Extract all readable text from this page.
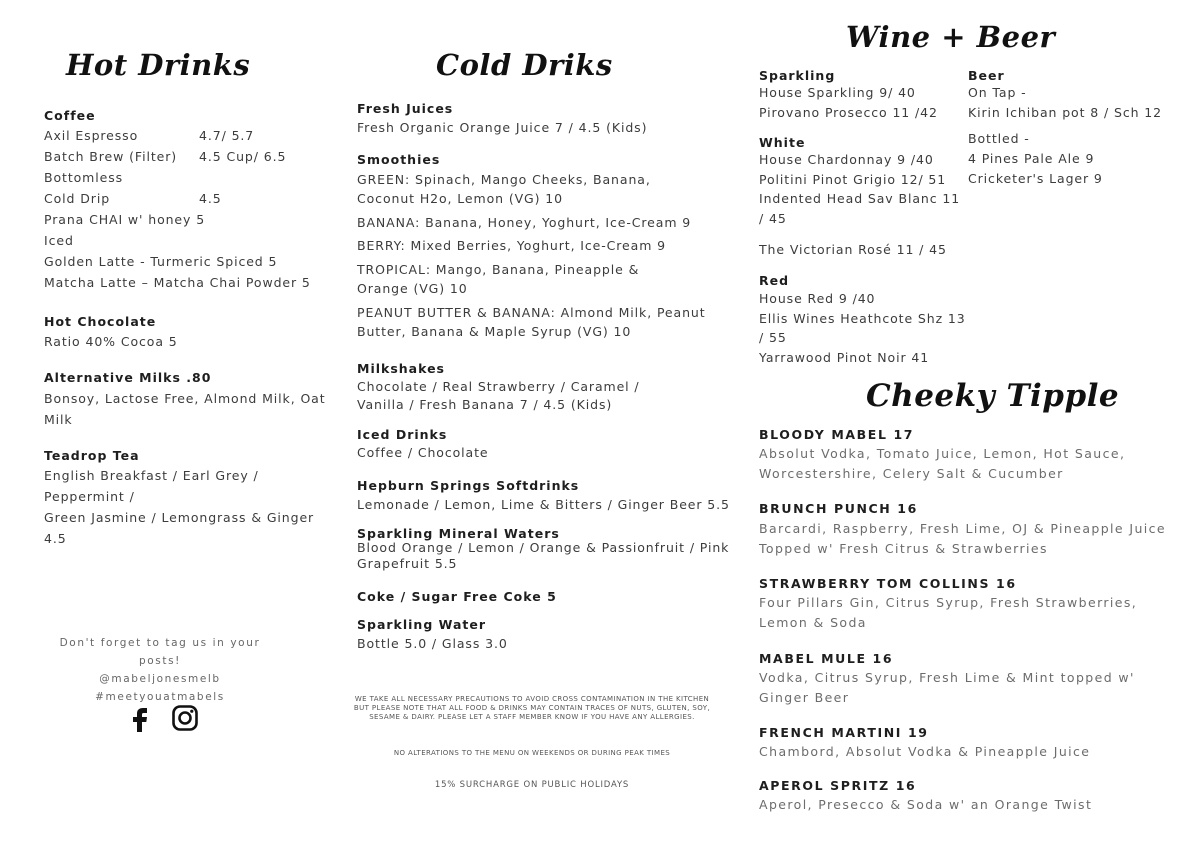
Hot Drinks
Coffee
Axil Espresso	4.7/ 5.7
Batch Brew (Filter) 4.5 Cup/ 6.5
Bottomless
Cold Drip	4.5
Prana CHAI w' honey 5
Iced
Golden Latte - Turmeric Spiced 5
Matcha Latte – Matcha Chai Powder 5
Hot Chocolate
Ratio 40% Cocoa 5
Alternative Milks .80
Bonsoy, Lactose Free, Almond Milk, Oat Milk
Teadrop Tea
English Breakfast / Earl Grey /
Peppermint /
Green Jasmine / Lemongrass & Ginger
4.5
Don't forget to tag us in your posts!
@mabeljonesmelb
#meetyouatmabels
Cold Driks
Fresh Juices
Fresh Organic Orange Juice 7 / 4.5 (Kids)
Smoothies
GREEN: Spinach, Mango Cheeks, Banana, Coconut H2o, Lemon (VG) 10
BANANA: Banana, Honey, Yoghurt, Ice-Cream 9
BERRY: Mixed Berries, Yoghurt, Ice-Cream 9
TROPICAL: Mango, Banana, Pineapple & Orange (VG) 10
PEANUT BUTTER & BANANA: Almond Milk, Peanut Butter, Banana & Maple Syrup (VG) 10
Milkshakes
Chocolate / Real Strawberry / Caramel / Vanilla / Fresh Banana 7 / 4.5 (Kids)
Iced Drinks
Coffee / Chocolate
Hepburn Springs Softdrinks
Lemonade / Lemon, Lime & Bitters / Ginger Beer 5.5
Sparkling Mineral Waters
Blood Orange / Lemon / Orange & Passionfruit / Pink Grapefruit 5.5
Coke / Sugar Free Coke 5
Sparkling Water
Bottle 5.0 / Glass 3.0
WE TAKE ALL NECESSARY PRECAUTIONS TO AVOID CROSS CONTAMINATION IN THE KITCHEN BUT PLEASE NOTE THAT ALL FOOD & DRINKS MAY CONTAIN TRACES OF NUTS, GLUTEN, SOY, SESAME & DAIRY. PLEASE LET A STAFF MEMBER KNOW IF YOU HAVE ANY ALLERGIES.
NO ALTERATIONS TO THE MENU ON WEEKENDS OR DURING PEAK TIMES
15% SURCHARGE ON PUBLIC HOLIDAYS
Wine + Beer
Sparkling
House Sparkling 9/ 40
Pirovano Prosecco 11 /42
White
House Chardonnay 9 /40
Politini Pinot Grigio 12/ 51
Indented Head Sav Blanc 11 / 45
The Victorian Rosé 11 / 45
Red
House Red 9 /40
Ellis Wines Heathcote Shz 13 / 55
Yarrawood Pinot Noir 41
Beer
On Tap -
Kirin Ichiban pot 8 / Sch 12
Bottled -
4 Pines Pale Ale 9
Cricketer's Lager 9
Cheeky Tipple
BLOODY MABEL 17
Absolut Vodka, Tomato Juice, Lemon, Hot Sauce, Worcestershire, Celery Salt & Cucumber
BRUNCH PUNCH 16
Barcardi, Raspberry, Fresh Lime, OJ & Pineapple Juice Topped w' Fresh Citrus & Strawberries
STRAWBERRY TOM COLLINS 16
Four Pillars Gin, Citrus Syrup, Fresh Strawberries, Lemon & Soda
MABEL MULE 16
Vodka, Citrus Syrup, Fresh Lime & Mint topped w' Ginger Beer
FRENCH MARTINI 19
Chambord, Absolut Vodka & Pineapple Juice
APEROL SPRITZ 16
Aperol, Presecco & Soda w' an Orange Twist
